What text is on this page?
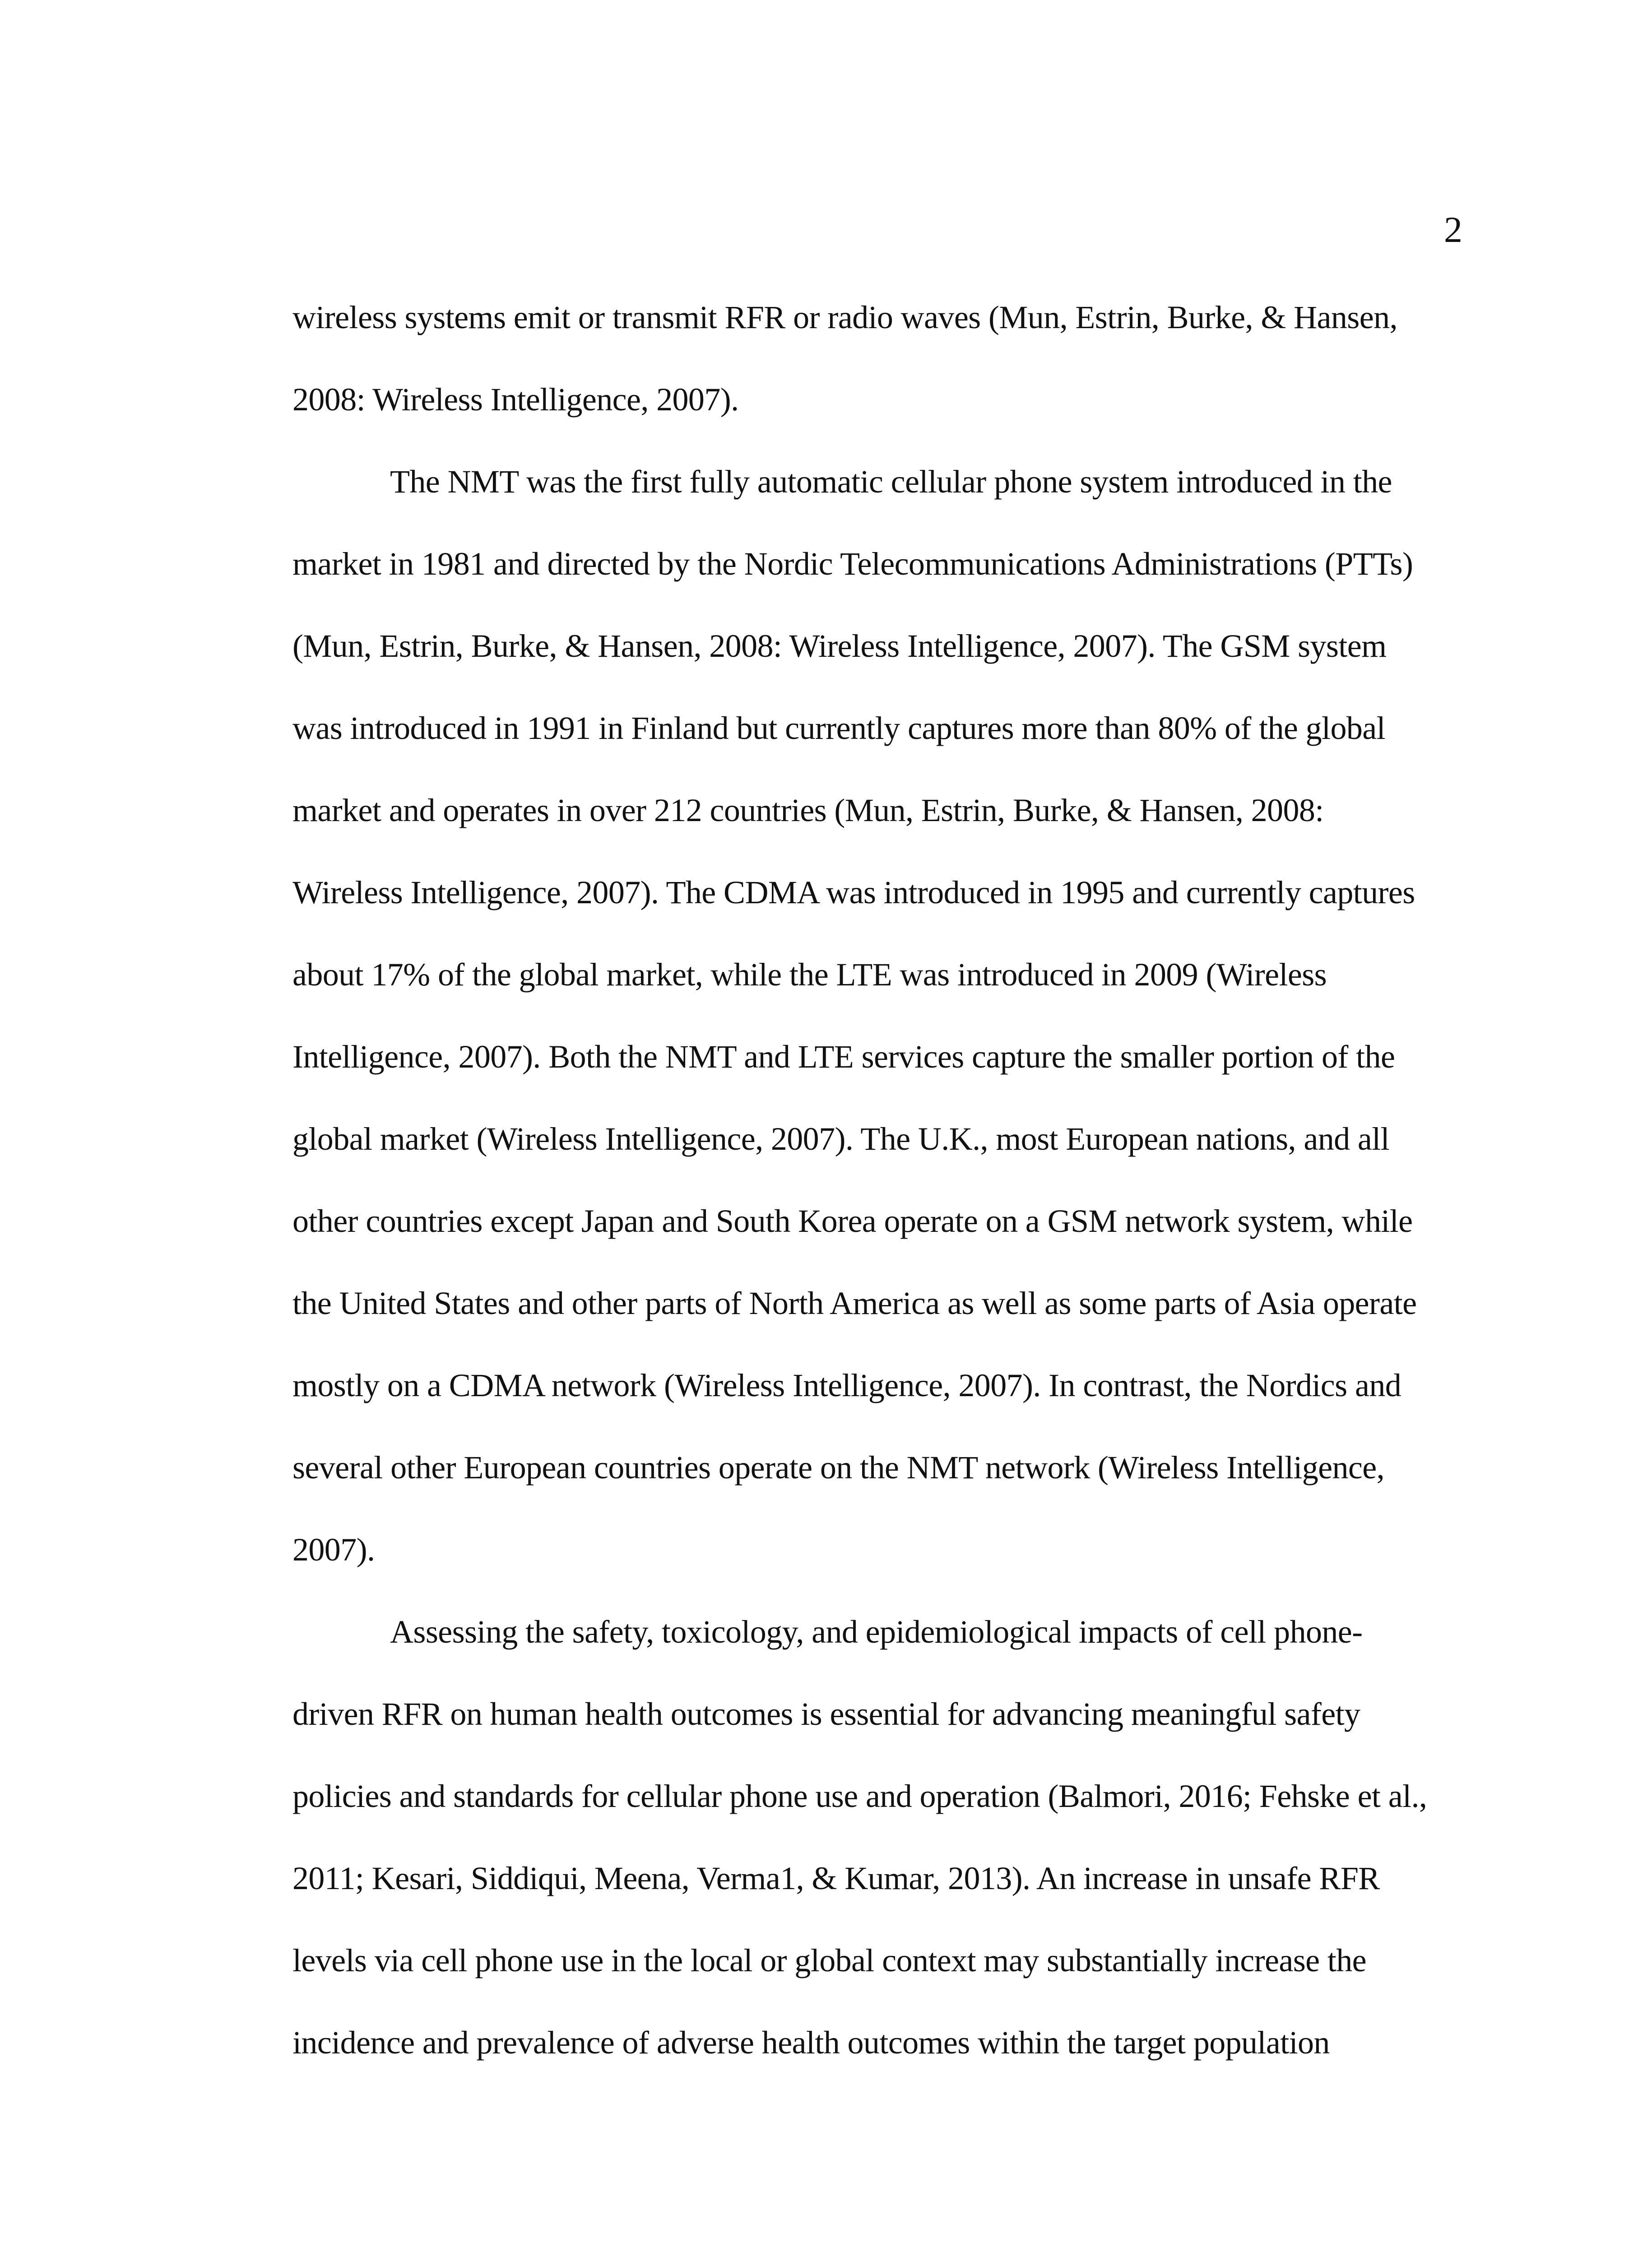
2
wireless systems emit or transmit RFR or radio waves (Mun, Estrin, Burke, & Hansen,
2008: Wireless Intelligence, 2007).
The NMT was the first fully automatic cellular phone system introduced in the
market in 1981 and directed by the Nordic Telecommunications Administrations (PTTs)
(Mun, Estrin, Burke, & Hansen, 2008: Wireless Intelligence, 2007). The GSM system
was introduced in 1991 in Finland but currently captures more than 80% of the global
market and operates in over 212 countries (Mun, Estrin, Burke, & Hansen, 2008:
Wireless Intelligence, 2007). The CDMA was introduced in 1995 and currently captures
about 17% of the global market, while the LTE was introduced in 2009 (Wireless
Intelligence, 2007). Both the NMT and LTE services capture the smaller portion of the
global market (Wireless Intelligence, 2007). The U.K., most European nations, and all
other countries except Japan and South Korea operate on a GSM network system, while
the United States and other parts of North America as well as some parts of Asia operate
mostly on a CDMA network (Wireless Intelligence, 2007). In contrast, the Nordics and
several other European countries operate on the NMT network (Wireless Intelligence,
2007).
Assessing the safety, toxicology, and epidemiological impacts of cell phone-
driven RFR on human health outcomes is essential for advancing meaningful safety
policies and standards for cellular phone use and operation (Balmori, 2016; Fehske et al.,
2011; Kesari, Siddiqui, Meena, Verma1, & Kumar, 2013). An increase in unsafe RFR
levels via cell phone use in the local or global context may substantially increase the
incidence and prevalence of adverse health outcomes within the target population
